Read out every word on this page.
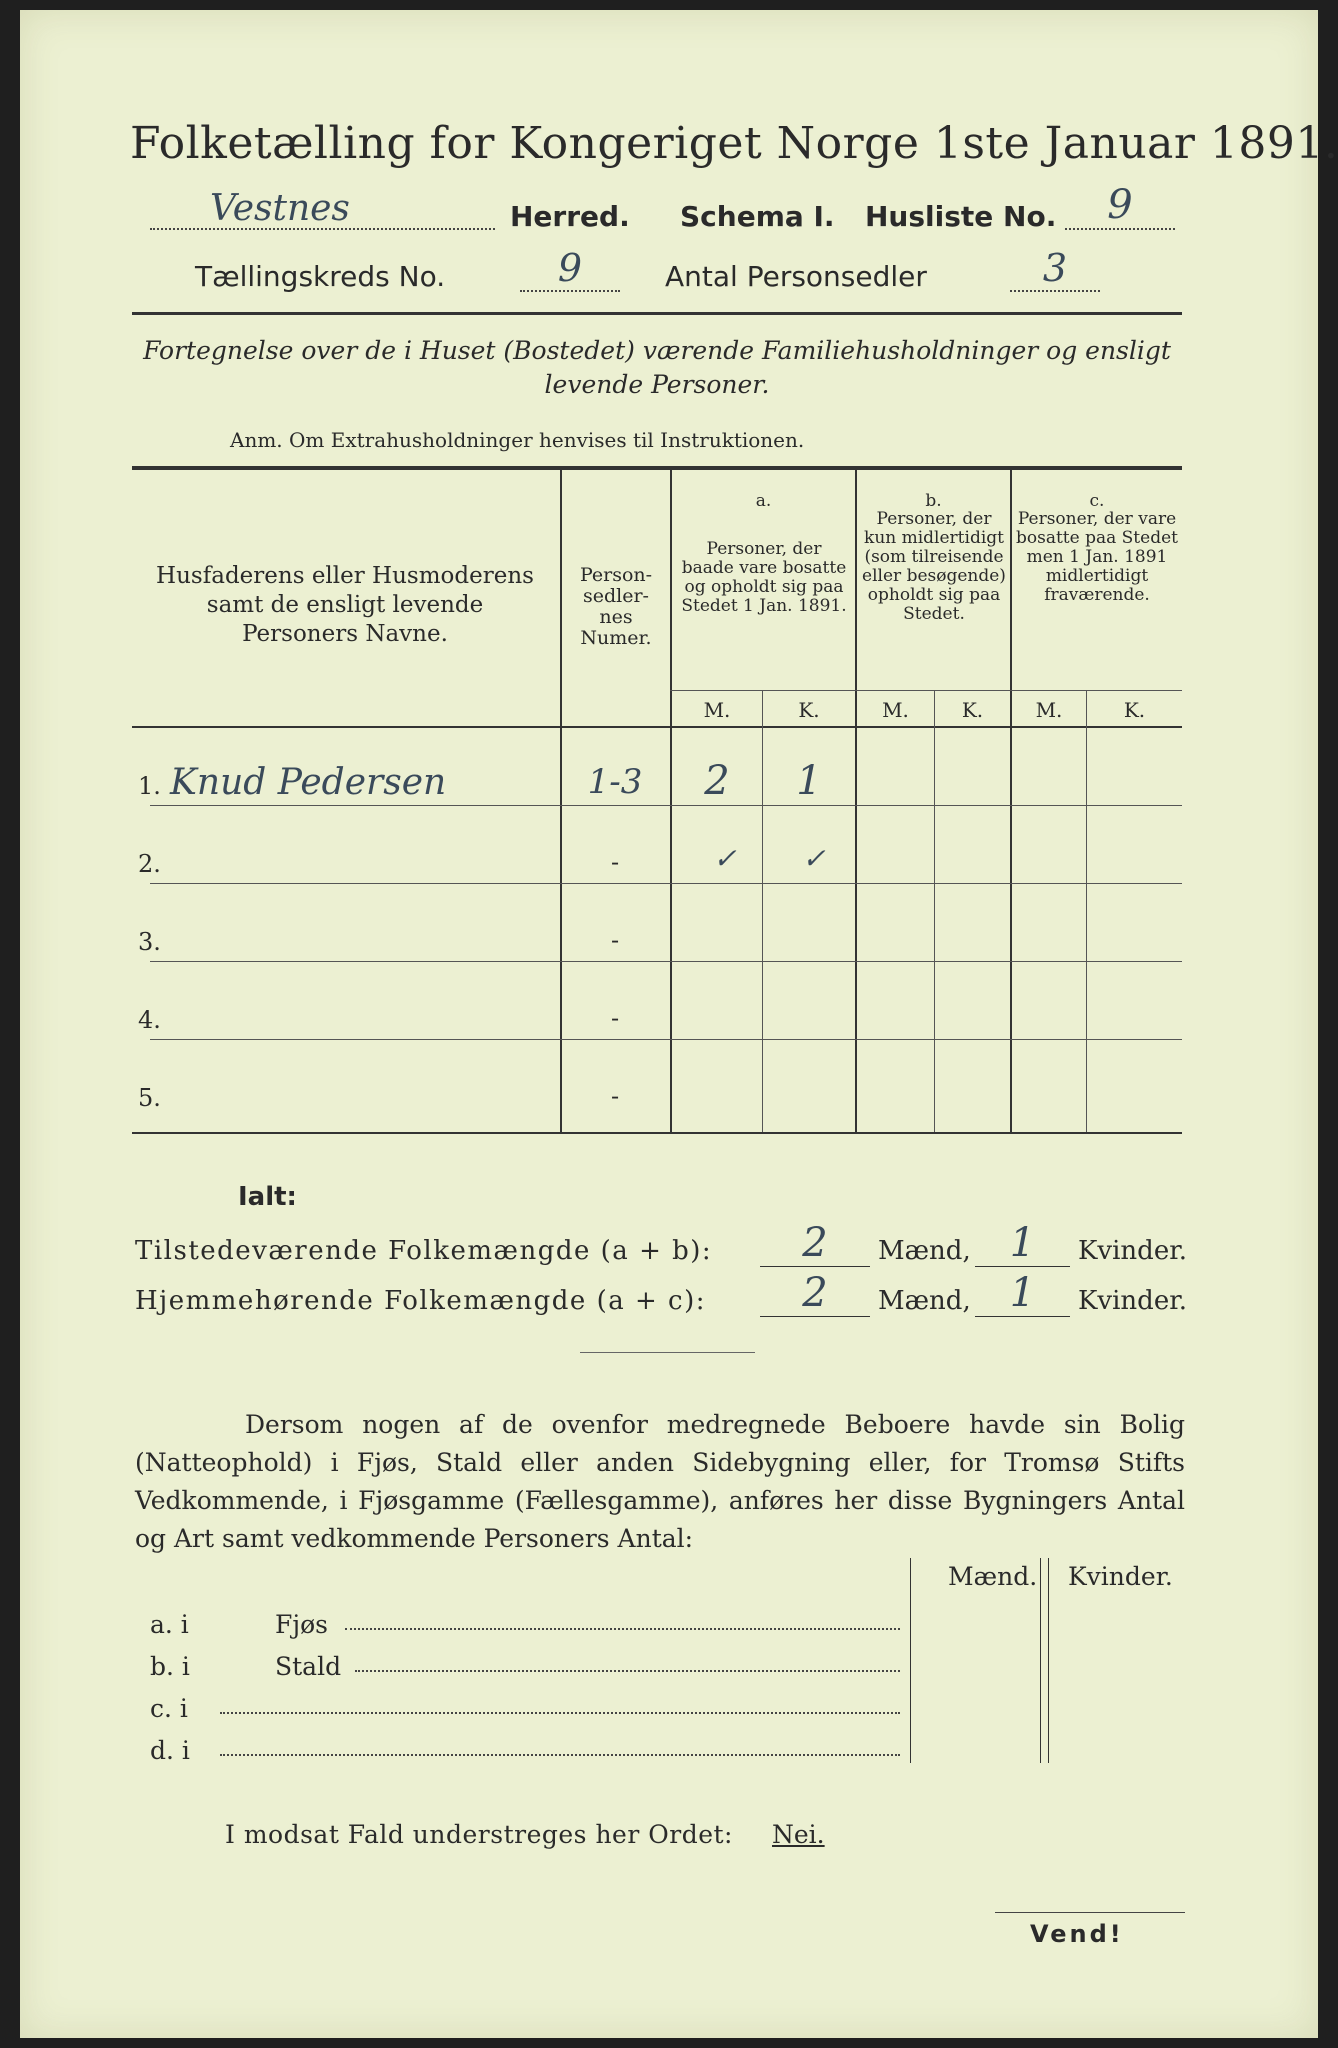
Folketælling for Kongeriget Norge 1ste Januar 1891.
Vestnes	Herred. Schema I. Husliste No.	9
Tællingskreds No.	9	Antal Personsedler	3
Fortegnelse over de i Huset (Bostedet) værende Familiehusholdninger og ensligt
levende Personer.
Anm. Om Extrahusholdninger henvises til Instruktionen.
Husfaderens eller Husmoderens samt de ensligt levende Personers Navne.
Person-sedler-nes Numer.
a.
Personer, der baade vare bosatte og opholdt sig paa Stedet 1 Jan. 1891.
b.
Personer, der kun midlertidigt (som tilreisende eller besøgende) opholdt sig paa Stedet.
c.
Personer, der vare bosatte paa Stedet men 1 Jan. 1891 midlertidigt fraværende.
M.	K.	M.	K.	M.	K.
1. Knud Pedersen	1-3	2	1
2.	-	✓	✓
3.	-
4.	-
5.	-
Ialt:
Tilstedeværende Folkemængde (a + b):	2	Mænd, 1	Kvinder.
Hjemmehørende Folkemængde (a + c):	2	Mænd, 1	Kvinder.
Dersom nogen af de ovenfor medregnede Beboere havde sin Bolig (Natteophold) i Fjøs, Stald eller anden Sidebygning eller, for Tromsø Stifts Vedkommende, i Fjøsgamme (Fællesgamme), anføres her disse Bygningers Antal og Art samt vedkommende Personers Antal:
Mænd. Kvinder.
a. i	Fjøs
b. i	Stald
c. i
d. i
I modsat Fald understreges her Ordet: Nei.
Vend!
